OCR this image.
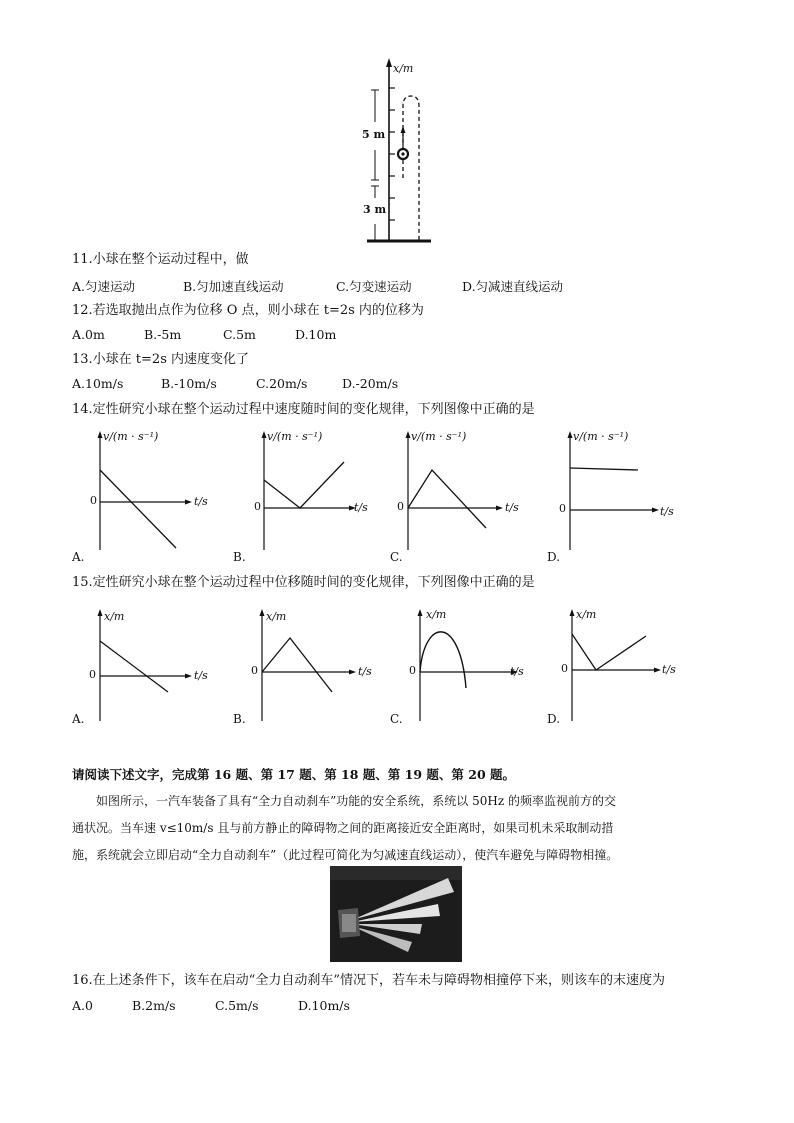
x/m
5 m
3 m
11.小球在整个运动过程中，做
A.匀速运动	B.匀加速直线运动	C.匀变速运动	D.匀减速直线运动
12.若选取抛出点作为位移 O 点，则小球在 t=2s 内的位移为
A.0m	B.-5m	C.5m	D.10m
13.小球在 t=2s 内速度变化了
A.10m/s	B.-10m/s	C.20m/s	D.-20m/s
14.定性研究小球在整个运动过程中速度随时间的变化规律，下列图像中正确的是
v/(m · s⁻¹)
0	t/s
A.
v/(m · s⁻¹)
0	t/s
B.
v/(m · s⁻¹)
0	t/s
C.
v/(m · s⁻¹)
0	t/s
D.
15.定性研究小球在整个运动过程中位移随时间的变化规律，下列图像中正确的是
x/m
0	t/s
A.
x/m
0	t/s
B.
x/m
0	t/s
C.
x/m
0	t/s
D.
请阅读下述文字，完成第 16 题、第 17 题、第 18 题、第 19 题、第 20 题。
如图所示，一汽车装备了具有“全力自动刹车”功能的安全系统，系统以 50Hz 的频率监视前方的交
通状况。当车速 v≤10m/s 且与前方静止的障碍物之间的距离接近安全距离时，如果司机未采取制动措
施，系统就会立即启动“全力自动刹车”（此过程可简化为匀减速直线运动），使汽车避免与障碍物相撞。
16.在上述条件下，该车在启动“全力自动刹车”情况下，若车未与障碍物相撞停下来，则该车的末速度为
A.0	B.2m/s	C.5m/s	D.10m/s
